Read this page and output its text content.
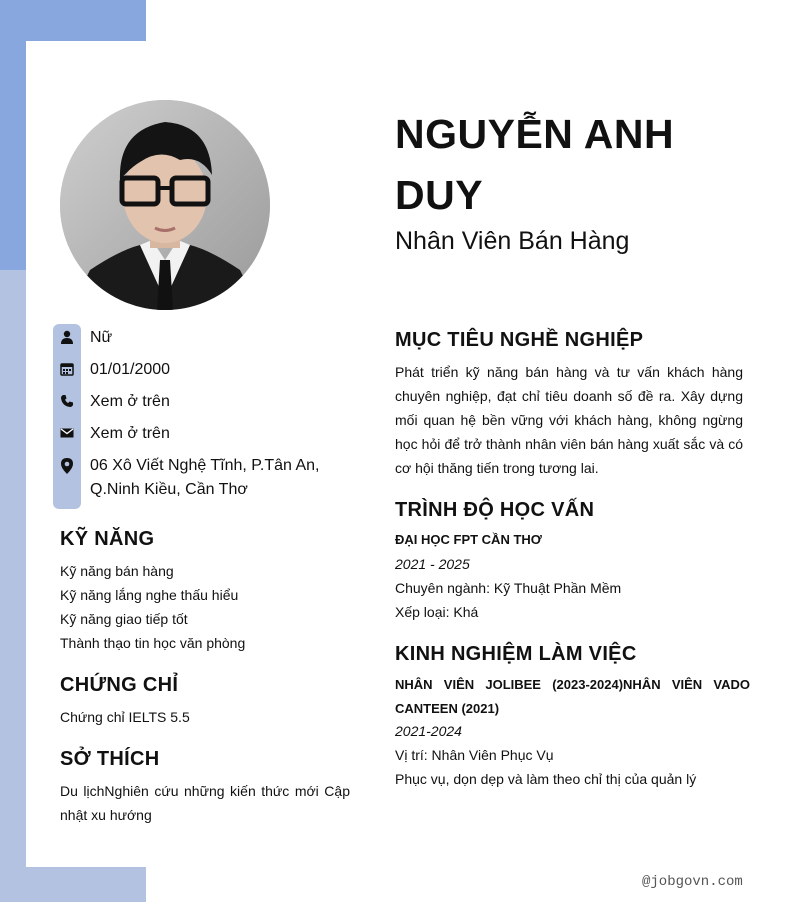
NGUYỄN ANH DUY
Nhân Viên Bán Hàng
Nữ
01/01/2000
Xem ở trên
Xem ở trên
06 Xô Viết Nghệ Tĩnh, P.Tân An, Q.Ninh Kiều, Cần Thơ
KỸ NĂNG
Kỹ năng bán hàng
Kỹ năng lắng nghe thấu hiểu
Kỹ năng giao tiếp tốt
Thành thạo tin học văn phòng
CHỨNG CHỈ
Chứng chỉ IELTS 5.5
SỞ THÍCH
Du lịchNghiên cứu những kiến thức mới Cập nhật xu hướng
MỤC TIÊU NGHỀ NGHIỆP
Phát triển kỹ năng bán hàng và tư vấn khách hàng chuyên nghiệp, đạt chỉ tiêu doanh số đề ra. Xây dựng mối quan hệ bền vững với khách hàng, không ngừng học hỏi để trở thành nhân viên bán hàng xuất sắc và có cơ hội thăng tiến trong tương lai.
TRÌNH ĐỘ HỌC VẤN
ĐẠI HỌC FPT CẦN THƠ
2021 - 2025
Chuyên ngành: Kỹ Thuật Phần Mềm
Xếp loại: Khá
KINH NGHIỆM LÀM VIỆC
NHÂN VIÊN JOLIBEE (2023-2024)NHÂN VIÊN VADO CANTEEN (2021)
2021-2024
Vị trí: Nhân Viên Phục Vụ
Phục vụ, dọn dẹp và làm theo chỉ thị của quản lý
@jobgovn.com
